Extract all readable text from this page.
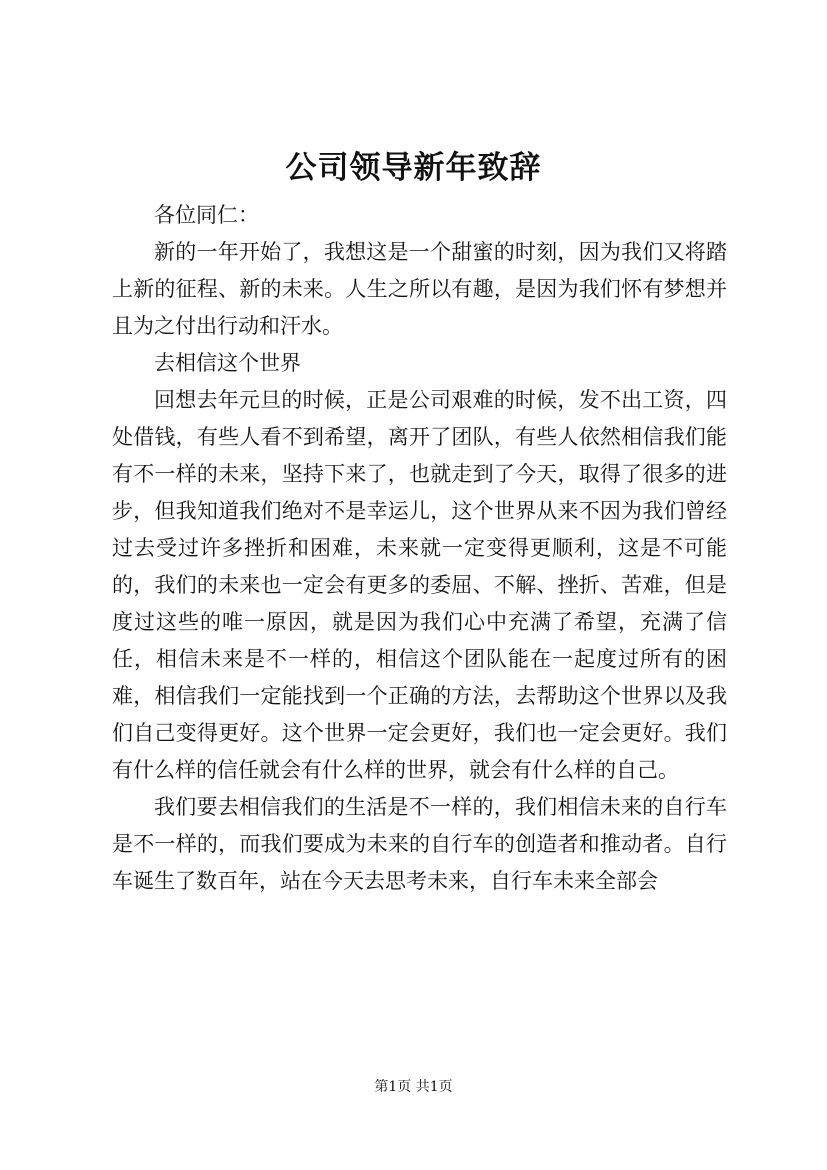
公司领导新年致辞

各位同仁：

新的一年开始了，我想这是一个甜蜜的时刻，因为我们又将踏上新的征程、新的未来。人生之所以有趣，是因为我们怀有梦想并且为之付出行动和汗水。

去相信这个世界

回想去年元旦的时候，正是公司艰难的时候，发不出工资，四处借钱，有些人看不到希望，离开了团队，有些人依然相信我们能有不一样的未来，坚持下来了，也就走到了今天，取得了很多的进步，但我知道我们绝对不是幸运儿，这个世界从来不因为我们曾经过去受过许多挫折和困难，未来就一定变得更顺利，这是不可能的，我们的未来也一定会有更多的委屈、不解、挫折、苦难，但是度过这些的唯一原因，就是因为我们心中充满了希望，充满了信任，相信未来是不一样的，相信这个团队能在一起度过所有的困难，相信我们一定能找到一个正确的方法，去帮助这个世界以及我们自己变得更好。这个世界一定会更好，我们也一定会更好。我们有什么样的信任就会有什么样的世界，就会有什么样的自己。

我们要去相信我们的生活是不一样的，我们相信未来的自行车是不一样的，而我们要成为未来的自行车的创造者和推动者。自行车诞生了数百年，站在今天去思考未来，自行车未来全部会

第1页 共1页
